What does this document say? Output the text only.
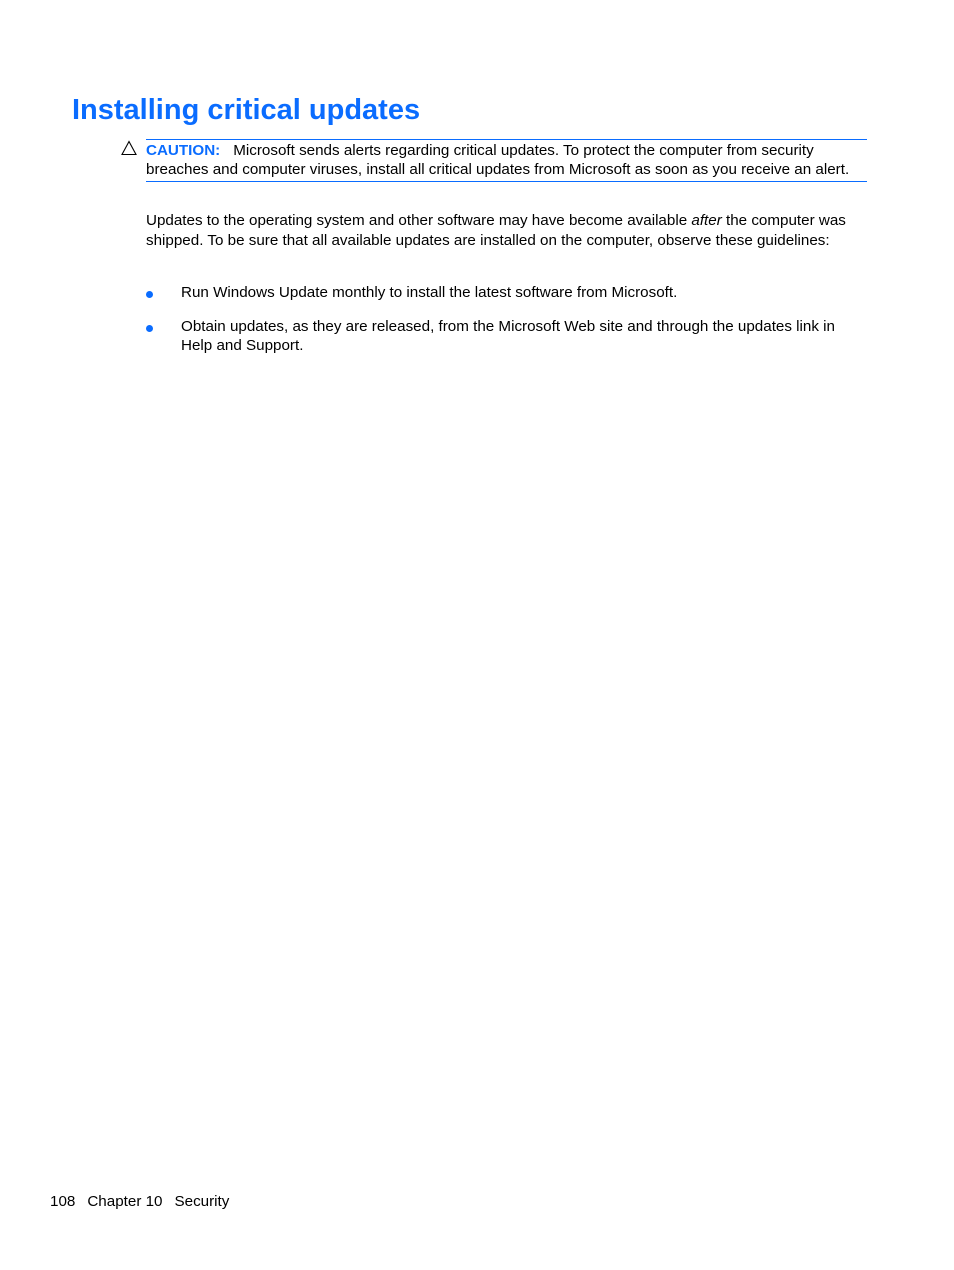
Installing critical updates
CAUTION: Microsoft sends alerts regarding critical updates. To protect the computer from security breaches and computer viruses, install all critical updates from Microsoft as soon as you receive an alert.

Updates to the operating system and other software may have become available after the computer was shipped. To be sure that all available updates are installed on the computer, observe these guidelines:

Run Windows Update monthly to install the latest software from Microsoft.
Obtain updates, as they are released, from the Microsoft Web site and through the updates link in Help and Support.
108 Chapter 10 Security
